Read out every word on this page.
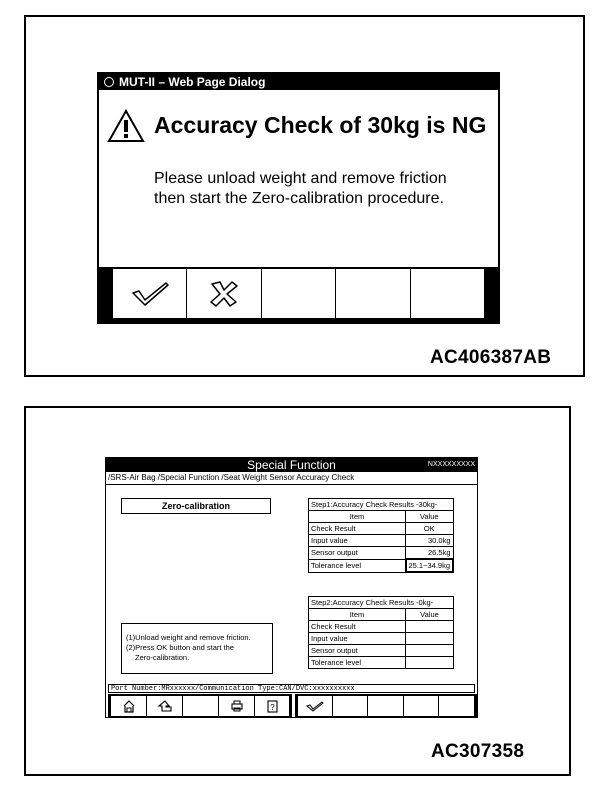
MUT-II – Web Page Dialog
Accuracy Check of 30kg is NG
Please unload weight and remove friction
then start the Zero-calibration procedure.
AC406387AB
Special Function	NXXXXXXXXX
/SRS-Air Bag /Special Function /Seat Weight Sensor Accuracy Check
Zero-calibration
(1)Unload weight and remove friction.
(2)Press OK button and start the
Zero-calibration.
Step1:Accuracy Check Results -30kg-	
Item	Value
Check Result	OK
Input value	30.0kg
Sensor output	26.5kg
Tolerance level	25.1~34.9kg
Step2:Accuracy Check Results -0kg-	
Item	Value
Check Result	
Input value	
Sensor output	
Tolerance level	
Port Number:MRxxxxxx/Communication Type:CAN/DVC:xxxxxxxxxx
?
AC307358
